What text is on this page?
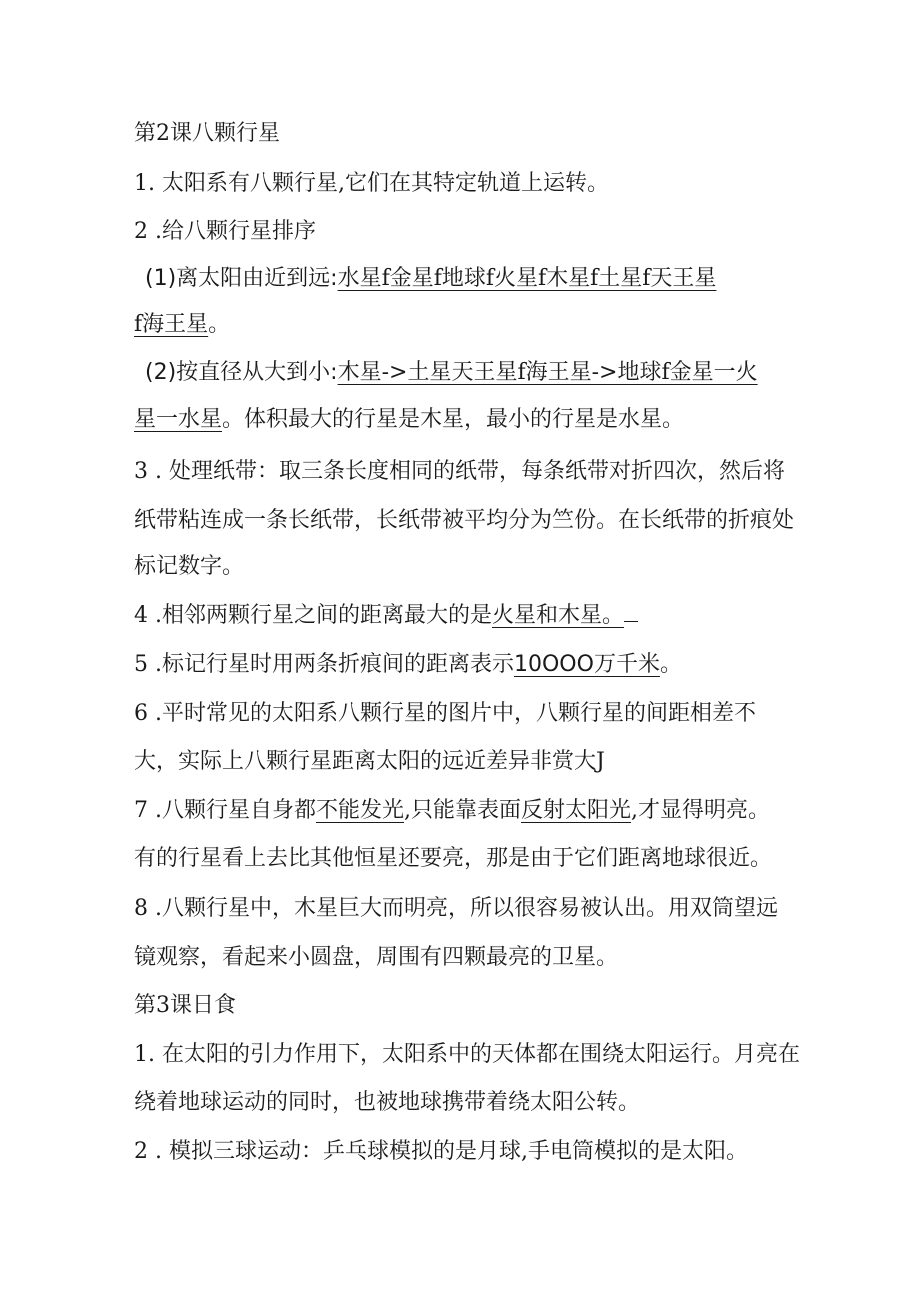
第2课八颗行星

1. 太阳系有八颗行星,它们在其特定轨道上运转。

2 .给八颗行星排序

(1)离太阳由近到远:水星f金星f地球f火星f木星f土星f天王星

f海王星。

(2)按直径从大到小:木星->土星天王星f海王星->地球f金星一火

星一水星。体积最大的行星是木星，最小的行星是水星。

3 . 处理纸带：取三条长度相同的纸带，每条纸带对折四次，然后将

纸带粘连成一条长纸带，长纸带被平均分为竺份。在长纸带的折痕处

标记数字。

4 .相邻两颗行星之间的距离最大的是火星和木星。

5 .标记行星时用两条折痕间的距离表示10OOO万千米。

6 .平时常见的太阳系八颗行星的图片中，八颗行星的间距相差不

大，实际上八颗行星距离太阳的远近差异非赏大J

7 .八颗行星自身都不能发光,只能靠表面反射太阳光,才显得明亮。

有的行星看上去比其他恒星还要亮，那是由于它们距离地球很近。

8 .八颗行星中，木星巨大而明亮，所以很容易被认出。用双筒望远

镜观察，看起来小圆盘，周围有四颗最亮的卫星。

第3课日食

1. 在太阳的引力作用下，太阳系中的天体都在围绕太阳运行。月亮在

绕着地球运动的同时，也被地球携带着绕太阳公转。

2 . 模拟三球运动：乒乓球模拟的是月球,手电筒模拟的是太阳。
